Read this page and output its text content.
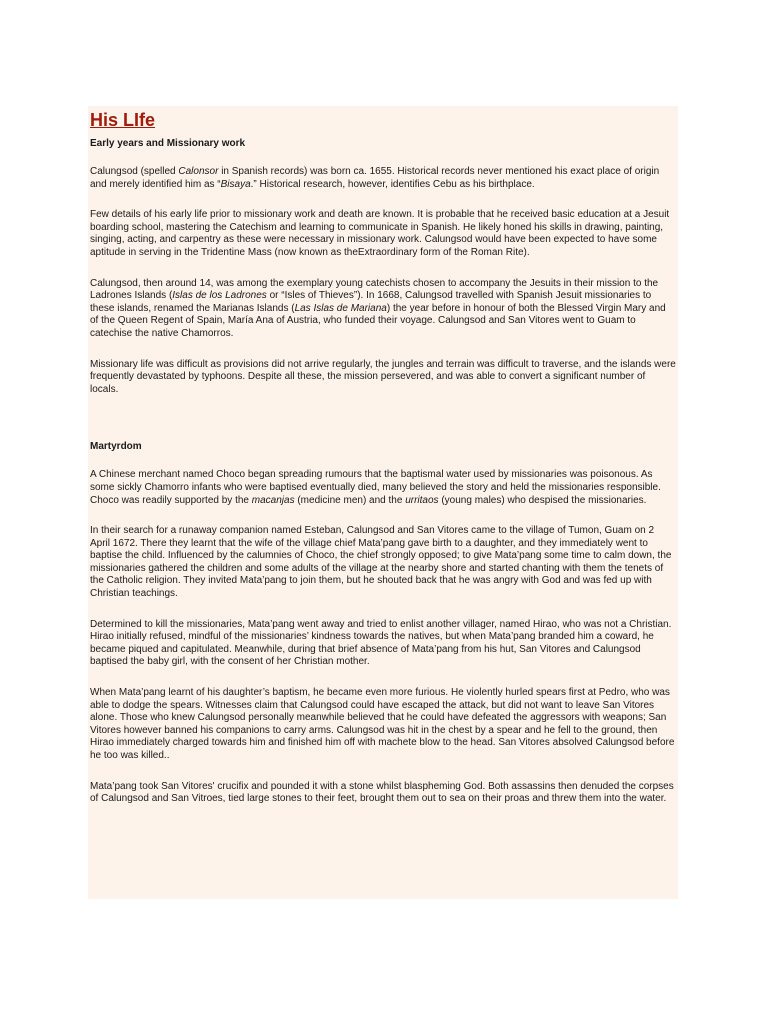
His LIfe
Early years and Missionary work

Calungsod (spelled Calonsor in Spanish records) was born ca. 1655. Historical records never mentioned his exact place of origin and merely identified him as “Bisaya.” Historical research, however, identifies Cebu as his birthplace.

Few details of his early life prior to missionary work and death are known. It is probable that he received basic education at a Jesuit boarding school, mastering the Catechism and learning to communicate in Spanish. He likely honed his skills in drawing, painting, singing, acting, and carpentry as these were necessary in missionary work. Calungsod would have been expected to have some aptitude in serving in the Tridentine Mass (now known as theExtraordinary form of the Roman Rite).

Calungsod, then around 14, was among the exemplary young catechists chosen to accompany the Jesuits in their mission to the Ladrones Islands (Islas de los Ladrones or “Isles of Thieves”). In 1668, Calungsod travelled with Spanish Jesuit missionaries to these islands, renamed the Marianas Islands (Las Islas de Mariana) the year before in honour of both the Blessed Virgin Mary and of the Queen Regent of Spain, María Ana of Austria, who funded their voyage. Calungsod and San Vitores went to Guam to catechise the native Chamorros.

Missionary life was difficult as provisions did not arrive regularly, the jungles and terrain was difficult to traverse, and the islands were frequently devastated by typhoons. Despite all these, the mission persevered, and was able to convert a significant number of locals.

Martyrdom

A Chinese merchant named Choco began spreading rumours that the baptismal water used by missionaries was poisonous. As some sickly Chamorro infants who were baptised eventually died, many believed the story and held the missionaries responsible. Choco was readily supported by the macanjas (medicine men) and the urritaos (young males) who despised the missionaries.

In their search for a runaway companion named Esteban, Calungsod and San Vitores came to the village of Tumon, Guam on 2 April 1672. There they learnt that the wife of the village chief Mata’pang gave birth to a daughter, and they immediately went to baptise the child. Influenced by the calumnies of Choco, the chief strongly opposed; to give Mata’pang some time to calm down, the missionaries gathered the children and some adults of the village at the nearby shore and started chanting with them the tenets of the Catholic religion. They invited Mata’pang to join them, but he shouted back that he was angry with God and was fed up with Christian teachings.

Determined to kill the missionaries, Mata’pang went away and tried to enlist another villager, named Hirao, who was not a Christian. Hirao initially refused, mindful of the missionaries’ kindness towards the natives, but when Mata’pang branded him a coward, he became piqued and capitulated. Meanwhile, during that brief absence of Mata’pang from his hut, San Vitores and Calungsod baptised the baby girl, with the consent of her Christian mother.

When Mata’pang learnt of his daughter’s baptism, he became even more furious. He violently hurled spears first at Pedro, who was able to dodge the spears. Witnesses claim that Calungsod could have escaped the attack, but did not want to leave San Vitores alone. Those who knew Calungsod personally meanwhile believed that he could have defeated the aggressors with weapons; San Vitores however banned his companions to carry arms. Calungsod was hit in the chest by a spear and he fell to the ground, then Hirao immediately charged towards him and finished him off with machete blow to the head. San Vitores absolved Calungsod before he too was killed..

Mata’pang took San Vitores' crucifix and pounded it with a stone whilst blaspheming God. Both assassins then denuded the corpses of Calungsod and San Vitroes, tied large stones to their feet, brought them out to sea on their proas and threw them into the water.
